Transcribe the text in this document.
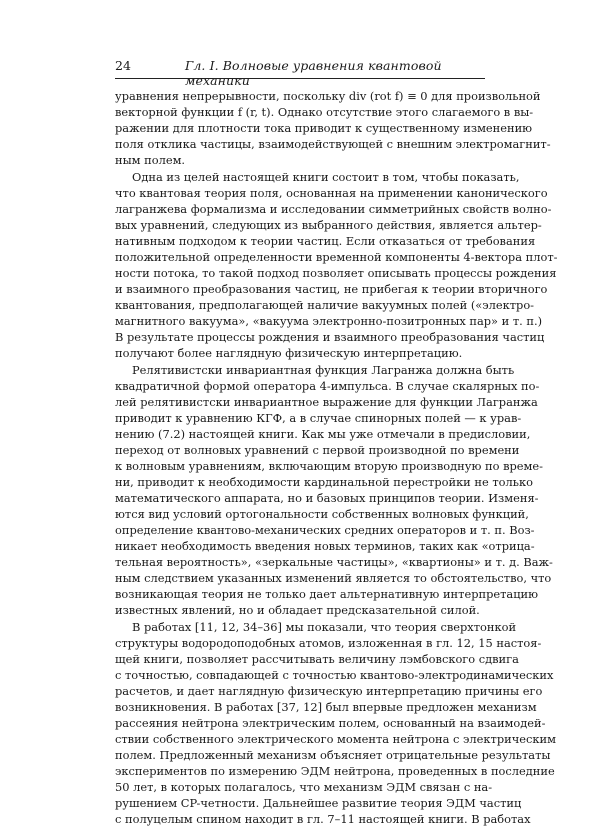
24	Гл. I. Волновые уравнения квантовой механики
уравнения непрерывности, поскольку div (rot f) ≡ 0 для произвольной
векторной функции f (r, t). Однако отсутствие этого слагаемого в вы-
ражении для плотности тока приводит к существенному изменению
поля отклика частицы, взаимодействующей с внешним электромагнит-
ным полем.
Одна из целей настоящей книги состоит в том, чтобы показать,
что квантовая теория поля, основанная на применении канонического
лагранжева формализма и исследовании симметрийных свойств волно-
вых уравнений, следующих из выбранного действия, является альтер-
нативным подходом к теории частиц. Если отказаться от требования
положительной определенности временной компоненты 4-вектора плот-
ности потока, то такой подход позволяет описывать процессы рождения
и взаимного преобразования частиц, не прибегая к теории вторичного
квантования, предполагающей наличие вакуумных полей («электро-
магнитного вакуума», «вакуума электронно-позитронных пар» и т. п.)
В результате процессы рождения и взаимного преобразования частиц
получают более наглядную физическую интерпретацию.
Релятивистски инвариантная функция Лагранжа должна быть
квадратичной формой оператора 4-импульса. В случае скалярных по-
лей релятивистски инвариантное выражение для функции Лагранжа
приводит к уравнению КГФ, а в случае спинорных полей — к урав-
нению (7.2) настоящей книги. Как мы уже отмечали в предисловии,
переход от волновых уравнений с первой производной по времени
к волновым уравнениям, включающим вторую производную по време-
ни, приводит к необходимости кардинальной перестройки не только
математического аппарата, но и базовых принципов теории. Изменя-
ются вид условий ортогональности собственных волновых функций,
определение квантово-механических средних операторов и т. п. Воз-
никает необходимость введения новых терминов, таких как «отрица-
тельная вероятность», «зеркальные частицы», «квартионы» и т. д. Важ-
ным следствием указанных изменений является то обстоятельство, что
возникающая теория не только дает альтернативную интерпретацию
известных явлений, но и обладает предсказательной силой.
В работах [11, 12, 34–36] мы показали, что теория сверхтонкой
структуры водородоподобных атомов, изложенная в гл. 12, 15 настоя-
щей книги, позволяет рассчитывать величину лэмбовского сдвига
с точностью, совпадающей с точностью квантово-электродинамических
расчетов, и дает наглядную физическую интерпретацию причины его
возникновения. В работах [37, 12] был впервые предложен механизм
рассеяния нейтрона электрическим полем, основанный на взаимодей-
ствии собственного электрического момента нейтрона с электрическим
полем. Предложенный механизм объясняет отрицательные результаты
экспериментов по измерению ЭДМ нейтрона, проведенных в последние
50 лет, в которых полагалось, что механизм ЭДМ связан с на-
рушением CP-четности. Дальнейшее развитие теория ЭДМ частиц
с полуцелым спином находит в гл. 7–11 настоящей книги. В работах
